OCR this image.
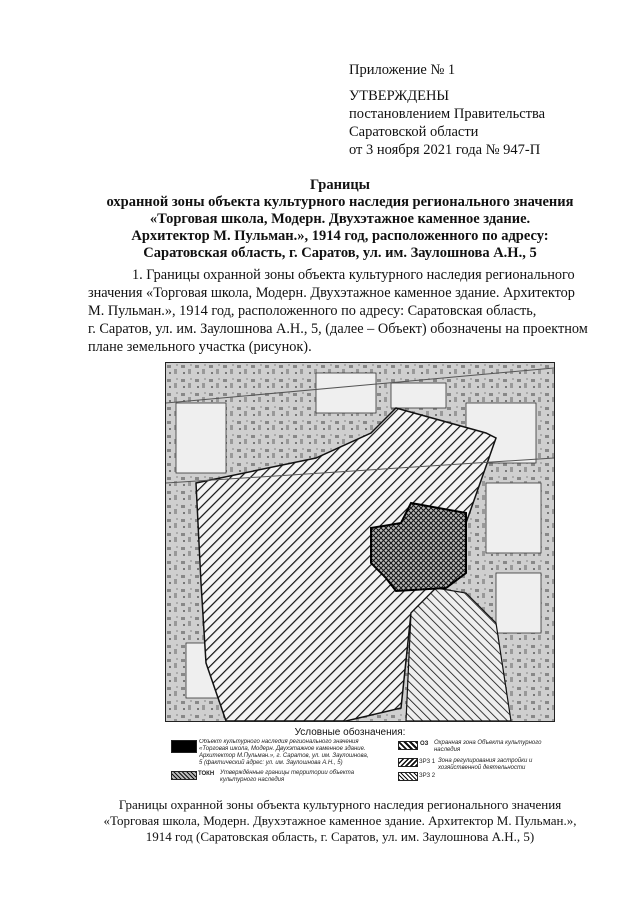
Приложение № 1
УТВЕРЖДЕНЫ
постановлением Правительства
Саратовской области
от 3 ноября 2021 года № 947-П
Границы
охранной зоны объекта культурного наследия регионального значения
«Торговая школа, Модерн. Двухэтажное каменное здание.
Архитектор М. Пульман.», 1914 год, расположенного по адресу:
Саратовская область, г. Саратов, ул. им. Заулошнова А.Н., 5
1. Границы охранной зоны объекта культурного наследия регионального
значения «Торговая школа, Модерн. Двухэтажное каменное здание. Архитектор
М. Пульман.», 1914 год, расположенного по адресу: Саратовская область,
г. Саратов, ул. им. Заулошнова А.Н., 5, (далее – Объект) обозначены на проектном
плане земельного участка (рисунок).
Условные обозначения:
Объект культурного наследия регионального значения «Торговая школа, Модерн. Двухэтажное каменное здание. Архитектор М.Пульман.», г. Саратов, ул. им. Заулошнова, 5 (фактический адрес: ул. им. Заулошнова А.Н., 5)
ТОКН Утверждённые границы территории объекта культурного наследия
ОЗ Охранная зона Объекта культурного наследия
ЗРЗ 1 Зона регулирования застройки и хозяйственной деятельности
ЗРЗ 2
Границы охранной зоны объекта культурного наследия регионального значения
«Торговая школа, Модерн. Двухэтажное каменное здание. Архитектор М. Пульман.»,
1914 год (Саратовская область, г. Саратов, ул. им. Заулошнова А.Н., 5)
